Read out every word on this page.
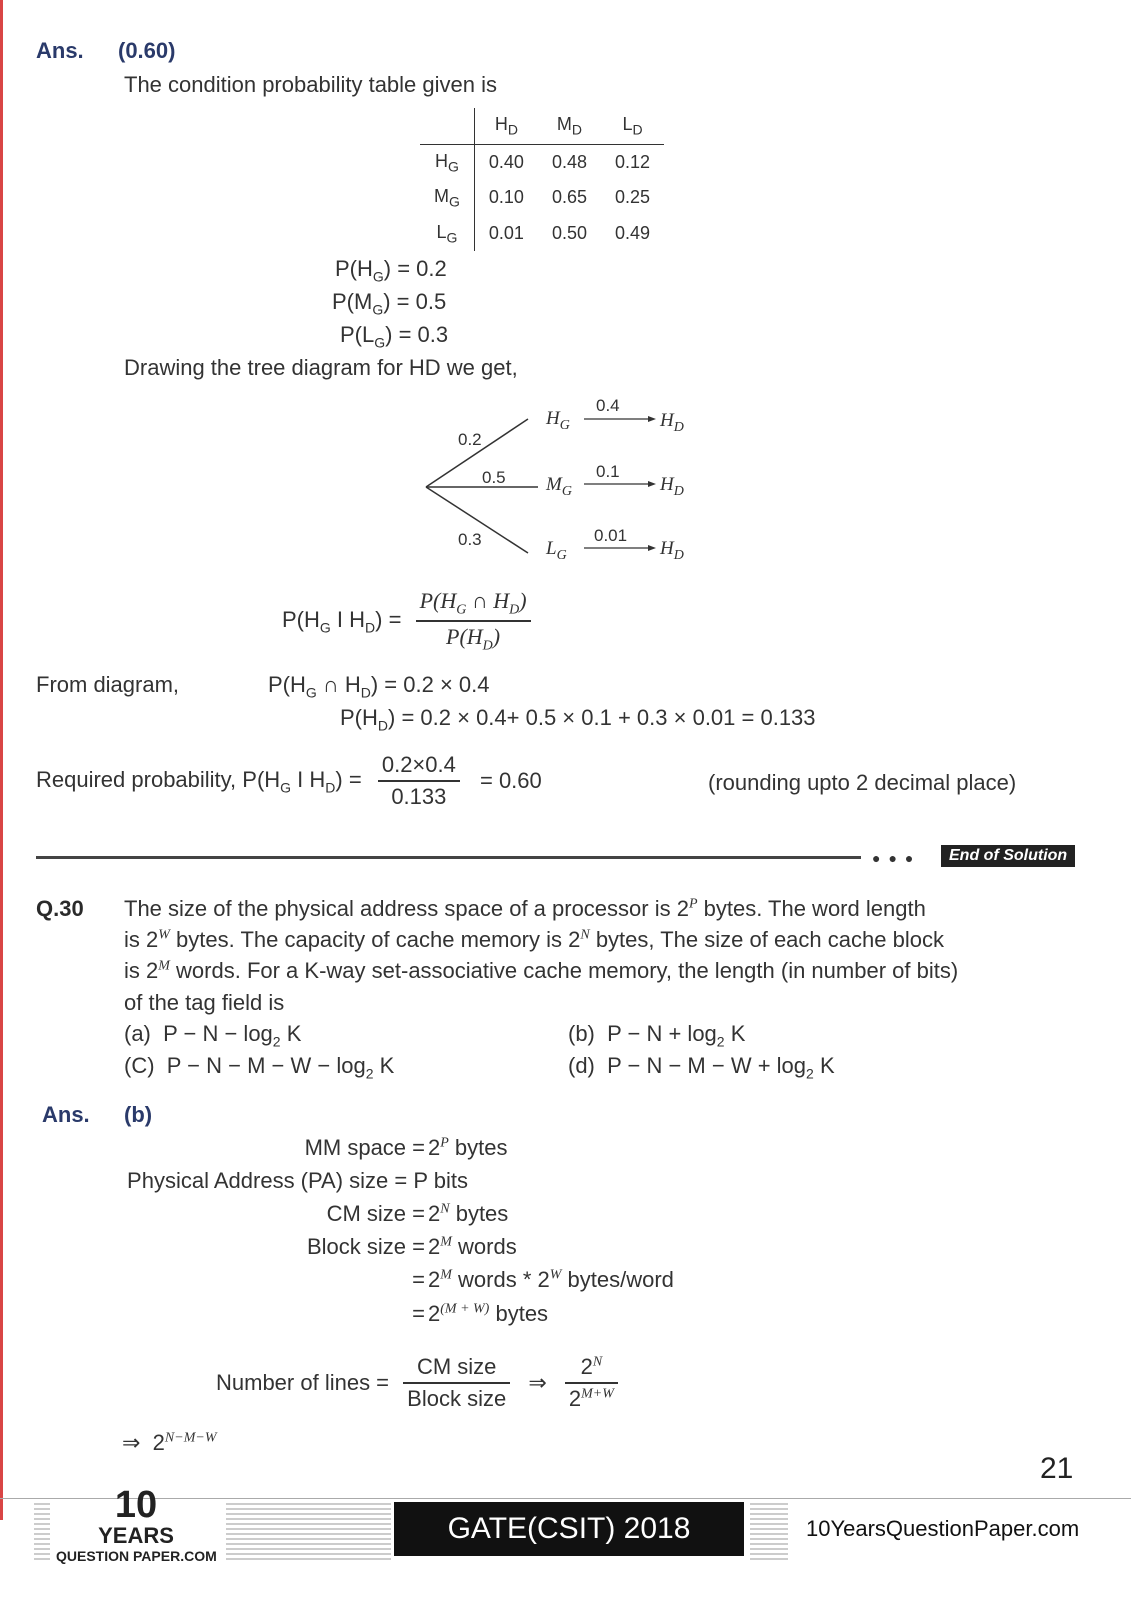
Ans. (0.60)
The condition probability table given is
	$H_D$	$M_D$	$L_D$
$H_G$	0.40	0.48	0.12
$M_G$	0.10	0.65	0.25
$L_G$	0.01	0.50	0.49
$P(H_G) = 0.2$
$P(M_G) = 0.5$
$P(L_G) = 0.3$
Drawing the tree diagram for HD we get,
0.2
0.5
0.3
$H_G$
$M_G$
$L_G$
0.4
0.1
0.01
$H_D$
$H_D$
$H_D$
$P(H_G$ I $H_D) = \frac{P(H_G \cap H_D)}{P(H_D)}$
From diagram,	$P(H_G$ ∩ $H_D) = 0.2 \times 0.4$
$P(H_D) = 0.2 \times 0.4+ 0.5 \times 0.1 + 0.3 \times 0.01 = 0.133$
Required probability, $P(H_G$ I $H_D) = \frac{0.2\times 0.4}{0.133} = 0.60$	(rounding upto 2 decimal place)
●●●	End of Solution
Q.30 The size of the physical address space of a processor is $2^P$ bytes. The word length
is $2^W$ bytes. The capacity of cache memory is $2^N$ bytes, The size of each cache block
is $2^M$ words. For a K-way set-associative cache memory, the length (in number of bits)
of the tag field is
(a) $P - N - \log_2 K$	(b) $P - N + \log_2 K$
(C) $P - N - M - W - \log_2 K$	(d) $P - N - M - W + \log_2 K$
Ans. (b)
MM space = $2^P$ bytes
Physical Address (PA) size = P bits
CM size = $2^N$ bytes
Block size = $2^M$ words
= $2^M$ words * $2^W$ bytes/word
= $2^{(M + W)}$ bytes
Number of lines = $\frac{\text{CM size}}{\text{Block size}}$ ⇒ $\frac{2^N}{2^{M+W}}$
⇒ $2^{N-M-W}$
21
10
YEARS
QUESTION PAPER.COM
GATE(CSIT) 2018	10YearsQuestionPaper.com
